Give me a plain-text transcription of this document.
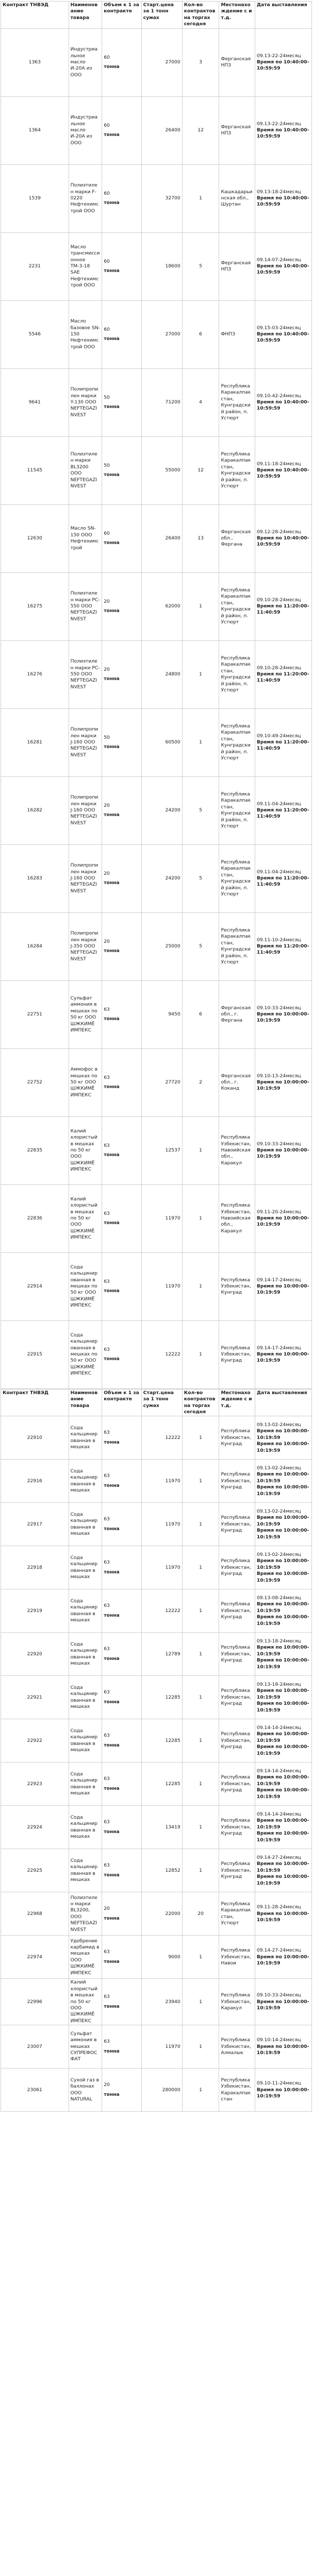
Контракт ТНВЭД	Наименование товара	Объем к 1 за контракте	Старт.цена за 1 тонн сумах	Кол-во контрактов на торгах сегодня	Местонахождение с и т.д.	Дата выставления
1363	Индустриальное масло И-20А из ООО	60
тонна	27000	3	Ферганская НПЗ	09.13-22-24месяц
Время по 10:40:00-10:59:59

1364	Индустриальное масло И-20А из ООО	60
тонна	26400	12	Ферганская НПЗ	09.13-22-24месяц
Время по 10:40:00-10:59:59

1539	Полиэтилен марки F-0220 Нефтехимстрой ООО	60
тонна	32700	1	Кашкадарьинская обл., Шуртан	09.13-18-24месяц
Время по 10:40:00-10:59:59

2231	Масло трансмиссионное ТМ-3-18 SAE Нефтехимстрой ООО	60
тонна	18600	5	Ферганская НПЗ	09.14-07-24месяц
Время по 10:40:00-10:59:59

5546	Масло базовое SN-150 Нефтехимстрой ООО	60
тонна	27000	6	ФНПЗ	09.15-03-24месяц
Время по 10:40:00-10:59:59

9641	Полипропилен марки Y-130 ООО NEFTEGAZINVEST	50
тонна	71200	4	Республика Каракалпакстан, Кунградский район, п. Устюрт	09.10-42-24месяц
Время по 10:40:00-10:59:59

11545	Полиэтилен марки BL3200 ООО NEFTEGAZINVEST	50
тонна	55000	12	Республика Каракалпакстан, Кунградский район, п. Устюрт	09.11-18-24месяц
Время по 10:40:00-10:59:59

12630	Масло SN-150 ООО Нефтехимстрой	60
тонна	26400	13	Ферганская обл., Фергана	09.12-28-24месяц
Время по 10:40:00-10:59:59

16275	Полиэтилен марки PC-550 ООО NEFTEGAZINVEST	20
тонна	62000	1	Республика Каракалпакстан, Кунградский район, п. Устюрт	09.10-28-24месяц
Время по 11:20:00-11:40:59

16276	Полиэтилен марки PC-550 ООО NEFTEGAZINVEST	20
тонна	24800	1	Республика Каракалпакстан, Кунградский район, п. Устюрт	09.10-28-24месяц
Время по 11:20:00-11:40:59

16281	Полипропилен марки J-160 ООО NEFTEGAZINVEST	50
тонна	60500	1	Республика Каракалпакстан, Кунградский район, п. Устюрт	09.10-49-24месяц
Время по 11:20:00-11:40:59

16282	Полипропилен марки J-160 ООО NEFTEGAZINVEST	20
тонна	24200	5	Республика Каракалпакстан, Кунградский район, п. Устюрт	09.11-04-24месяц
Время по 11:20:00-11:40:59

16283	Полипропилен марки J-160 ООО NEFTEGAZINVEST	20
тонна	24200	5	Республика Каракалпакстан, Кунградский район, п. Устюрт	09.11-04-24месяц
Время по 11:20:00-11:40:59

16284	Полипропилен марки J-350 ООО NEFTEGAZINVEST	20
тонна	25000	5	Республика Каракалпакстан, Кунградский район, п. Устюрт	09.11-10-24месяц
Время по 11:20:00-11:40:59

22751	Сульфат аммония в мешках по 50 кг ООО ШЖКИМЁ ИМПЕКС	63
тонна	9450	6	Ферганская обл., г. Фергана	09.10-33-24месяц
Время по 10:00:00-10:19:59

22752	Аммофос в мешках по 50 кг ООО ШЖКИМЁ ИМПЕКС	63
тонна	27720	2	Ферганская обл., г. Коканд	09.10-13-24месяц
Время по 10:00:00-10:19:59

22835	Калий хлористый в мешках по 50 кг ООО ШЖКИМЁ ИМПЕКС	63
тонна	12537	1	Республика Узбекистан, Навоийская обл., Каракул	09.10-33-24месяц
Время по 10:00:00-10:19:59

22836	Калий хлористый в мешках по 50 кг ООО ШЖКИМЁ ИМПЕКС	63
тонна	11970	1	Республика Узбекистан, Навоийская обл., Каракул	09.11-20-24месяц
Время по 10:00:00-10:19:59

22914	Сода кальцинированная в мешках по 50 кг ООО ШЖКИМЁ ИМПЕКС	63
тонна	11970	1	Республика Узбекистан, Кунград	09.14-17-24месяц
Время по 10:00:00-10:19:59

22915	Сода кальцинированная в мешках по 50 кг ООО ШЖКИМЁ ИМПЕКС	63
тонна	12222	1	Республика Узбекистан, Кунград	09.14-17-24месяц
Время по 10:00:00-10:19:59

Контракт ТНВЭД	Наименование товара	Объем к 1 за контракте	Старт.цена за 1 тонн сумах	Кол-во контрактов на торгах сегодня	Местонахождение с и т.д.	Дата выставления
22910	Сода кальцинированная в мешках	63
тонна	12222	1	Республика Узбекистан, Кунград	09.13-02-24месяц
Время по 10:00:00-10:19:59
Время по 10:00:00-10:19:59

22916	Сода кальцинированная в мешках	63
тонна	11970	1	Республика Узбекистан, Кунград	09.13-02-24месяц
Время по 10:00:00-10:19:59
Время по 10:00:00-10:19:59

22917	Сода кальцинированная в мешках	63
тонна	11970	1	Республика Узбекистан, Кунград	09.13-02-24месяц
Время по 10:00:00-10:19:59
Время по 10:00:00-10:19:59

22918	Сода кальцинированная в мешках	63
тонна	11970	1	Республика Узбекистан, Кунград	09.13-02-24месяц
Время по 10:00:00-10:19:59
Время по 10:00:00-10:19:59

22919	Сода кальцинированная в мешках	63
тонна	12222	1	Республика Узбекистан, Кунград	09.13-08-24месяц
Время по 10:00:00-10:19:59
Время по 10:00:00-10:19:59

22920	Сода кальцинированная в мешках	63
тонна	12789	1	Республика Узбекистан, Кунград	09.13-18-24месяц
Время по 10:00:00-10:19:59
Время по 10:00:00-10:19:59

22921	Сода кальцинированная в мешках	63
тонна	12285	1	Республика Узбекистан, Кунград	09.13-18-24месяц
Время по 10:00:00-10:19:59
Время по 10:00:00-10:19:59

22922	Сода кальцинированная в мешках	63
тонна	12285	1	Республика Узбекистан, Кунград	09.14-14-24месяц
Время по 10:00:00-10:19:59
Время по 10:00:00-10:19:59

22923	Сода кальцинированная в мешках	63
тонна	12285	1	Республика Узбекистан, Кунград	09.14-14-24месяц
Время по 10:00:00-10:19:59
Время по 10:00:00-10:19:59

22924	Сода кальцинированная в мешках	63
тонна	13419	1	Республика Узбекистан, Кунград	09.14-14-24месяц
Время по 10:00:00-10:19:59
Время по 10:00:00-10:19:59

22925	Сода кальцинированная в мешках	63
тонна	12852	1	Республика Узбекистан, Кунград	09.14-27-24месяц
Время по 10:00:00-10:19:59
Время по 10:00:00-10:19:59

22968	Полиэтилен марки BL3200, ООО NEFTEGAZINVEST	20
тонна	22000	20	Республика Каракалпакстан, Устюрт	09.11-28-24месяц
Время по 10:00:00-10:19:59

22974	Удобрение карбамид в мешках ООО ШЖКИМЁ ИМПЕКС	63
тонна	9000	1	Республика Узбекистан, Навои	09.14-27-24месяц
Время по 10:00:00-10:19:59

22996	Калий хлористый в мешках по 50 кг ООО ШЖКИМЁ ИМПЕКС	63
тонна	23940	1	Республика Узбекистан, Каракул	09.10-33-24месяц
Время по 10:00:00-10:19:59

23007	Сульфат аммония в мешках СУПРЕФОСФАТ	63
тонна	11970	1	Республика Узбекистан, Алмалык	09.10-14-24месяц
Время по 10:00:00-10:19:59

23061	Сухой газ в баллонах ООО NATURAL	20
тонна	280000	1	Республика Узбекистан, Каракалпакстан	09.10-11-24месяц
Время по 10:00:00-10:19:59
